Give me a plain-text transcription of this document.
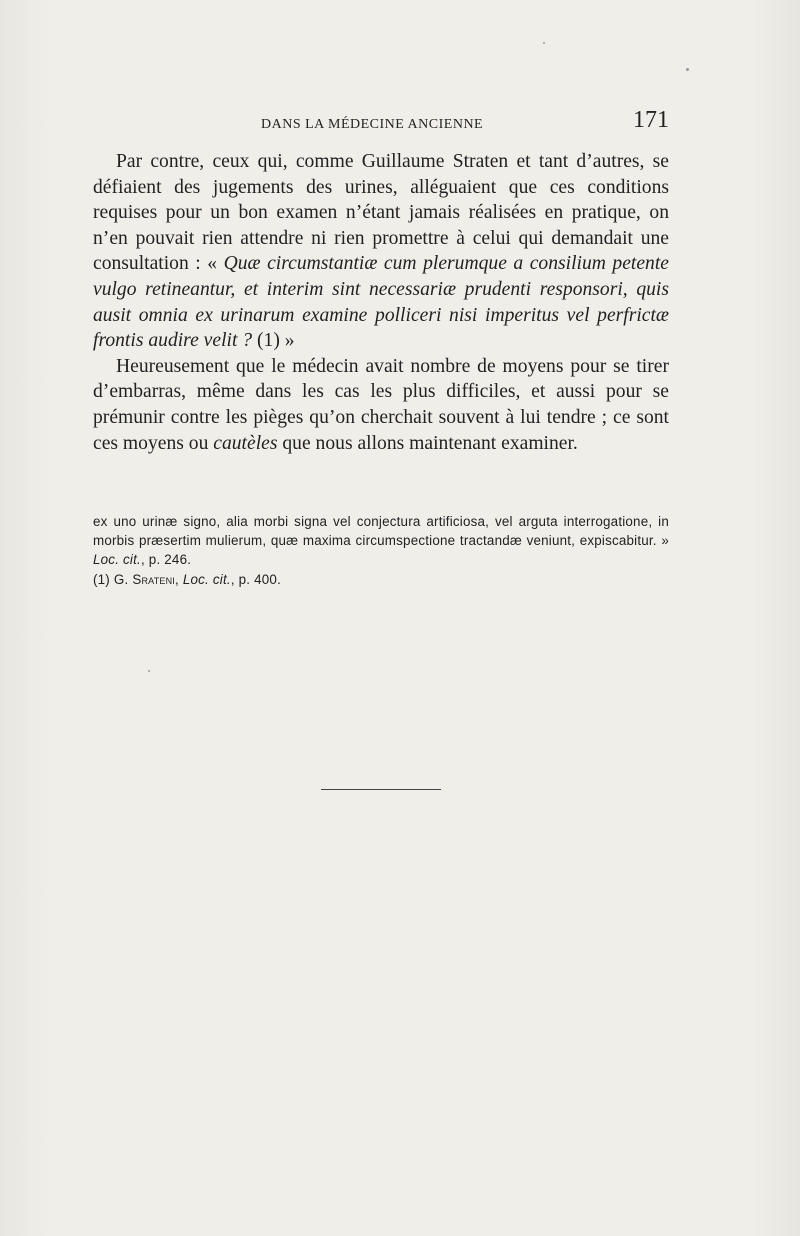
DANS LA MÉDECINE ANCIENNE	171

Par contre, ceux qui, comme Guillaume Straten et tant d’autres, se défiaient des jugements des urines, alléguaient que ces conditions requises pour un bon examen n’étant jamais réalisées en pratique, on n’en pouvait rien attendre ni rien promettre à celui qui demandait une consultation : « Quæ circumstantiæ cum plerumque a consilium petente vulgo retineantur, et interim sint necessariæ prudenti responsori, quis ausit omnia ex urinarum examine polliceri nisi imperitus vel perfrictæ frontis audire velit ? (1) »

Heureusement que le médecin avait nombre de moyens pour se tirer d’embarras, même dans les cas les plus difficiles, et aussi pour se prémunir contre les pièges qu’on cherchait souvent à lui tendre ; ce sont ces moyens ou cautèles que nous allons maintenant examiner.

ex uno urinæ signo, alia morbi signa vel conjectura artificiosa, vel arguta interrogatione, in morbis præsertim mulierum, quæ maxima circumspectione tractandæ veniunt, expiscabitur. » Loc. cit., p. 246.

(1) G. Srateni, Loc. cit., p. 400.
